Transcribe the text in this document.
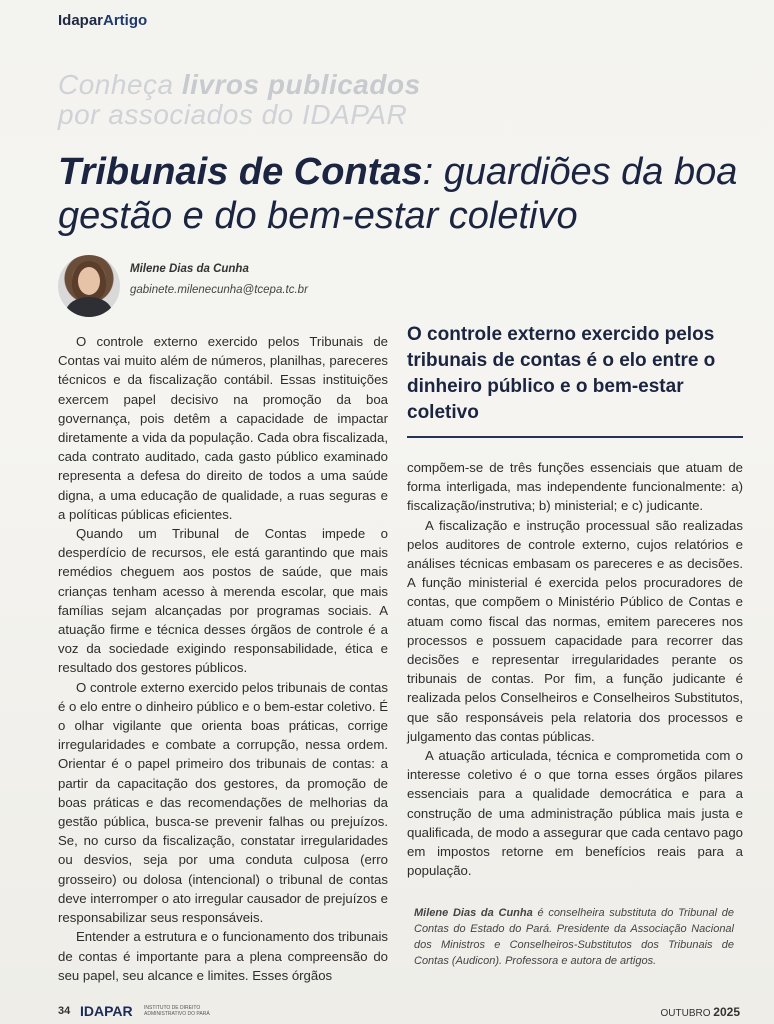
IdaparArtigo
Conheça livros publicados
por associados do IDAPAR
Tribunais de Contas: guardiões da boa gestão e do bem-estar coletivo
Milene Dias da Cunha
gabinete.milenecunha@tcepa.tc.br

O controle externo exercido pelos Tribunais de Contas vai muito além de números, planilhas, pareceres técnicos e da fiscalização contábil. Essas instituições exercem papel decisivo na promoção da boa governança, pois detêm a capacidade de impactar diretamente a vida da população. Cada obra fiscalizada, cada contrato auditado, cada gasto público examinado representa a defesa do direito de todos a uma saúde digna, a uma educação de qualidade, a ruas seguras e a políticas públicas eficientes.

Quando um Tribunal de Contas impede o desperdício de recursos, ele está garantindo que mais remédios cheguem aos postos de saúde, que mais crianças tenham acesso à merenda escolar, que mais famílias sejam alcançadas por programas sociais. A atuação firme e técnica desses órgãos de controle é a voz da sociedade exigindo responsabilidade, ética e resultado dos gestores públicos.

O controle externo exercido pelos tribunais de contas é o elo entre o dinheiro público e o bem-estar coletivo. É o olhar vigilante que orienta boas práticas, corrige irregularidades e combate a corrupção, nessa ordem. Orientar é o papel primeiro dos tribunais de contas: a partir da capacitação dos gestores, da promoção de boas práticas e das recomendações de melhorias da gestão pública, busca-se prevenir falhas ou prejuízos. Se, no curso da fiscalização, constatar irregularidades ou desvios, seja por uma conduta culposa (erro grosseiro) ou dolosa (intencional) o tribunal de contas deve interromper o ato irregular causador de prejuízos e responsabilizar seus responsáveis.

Entender a estrutura e o funcionamento dos tribunais de contas é importante para a plena compreensão do seu papel, seu alcance e limites. Esses órgãos

O controle externo exercido pelos tribunais de contas é o elo entre o dinheiro público e o bem-estar coletivo

compõem-se de três funções essenciais que atuam de forma interligada, mas independente funcionalmente: a) fiscalização/instrutiva; b) ministerial; e c) judicante.

A fiscalização e instrução processual são realizadas pelos auditores de controle externo, cujos relatórios e análises técnicas embasam os pareceres e as decisões. A função ministerial é exercida pelos procuradores de contas, que compõem o Ministério Público de Contas e atuam como fiscal das normas, emitem pareceres nos processos e possuem capacidade para recorrer das decisões e representar irregularidades perante os tribunais de contas. Por fim, a função judicante é realizada pelos Conselheiros e Conselheiros Substitutos, que são responsáveis pela relatoria dos processos e julgamento das contas públicas.

A atuação articulada, técnica e comprometida com o interesse coletivo é o que torna esses órgãos pilares essenciais para a qualidade democrática e para a construção de uma administração pública mais justa e qualificada, de modo a assegurar que cada centavo pago em impostos retorne em benefícios reais para a população.

Milene Dias da Cunha é conselheira substituta do Tribunal de Contas do Estado do Pará. Presidente da Associação Nacional dos Ministros e Conselheiros-Substitutos dos Tribunais de Contas (Audicon). Professora e autora de artigos.
34 IDAPAR INSTITUTO DE DIREITO ADMINISTRATIVO DO PARÁ	OUTUBRO 2025
